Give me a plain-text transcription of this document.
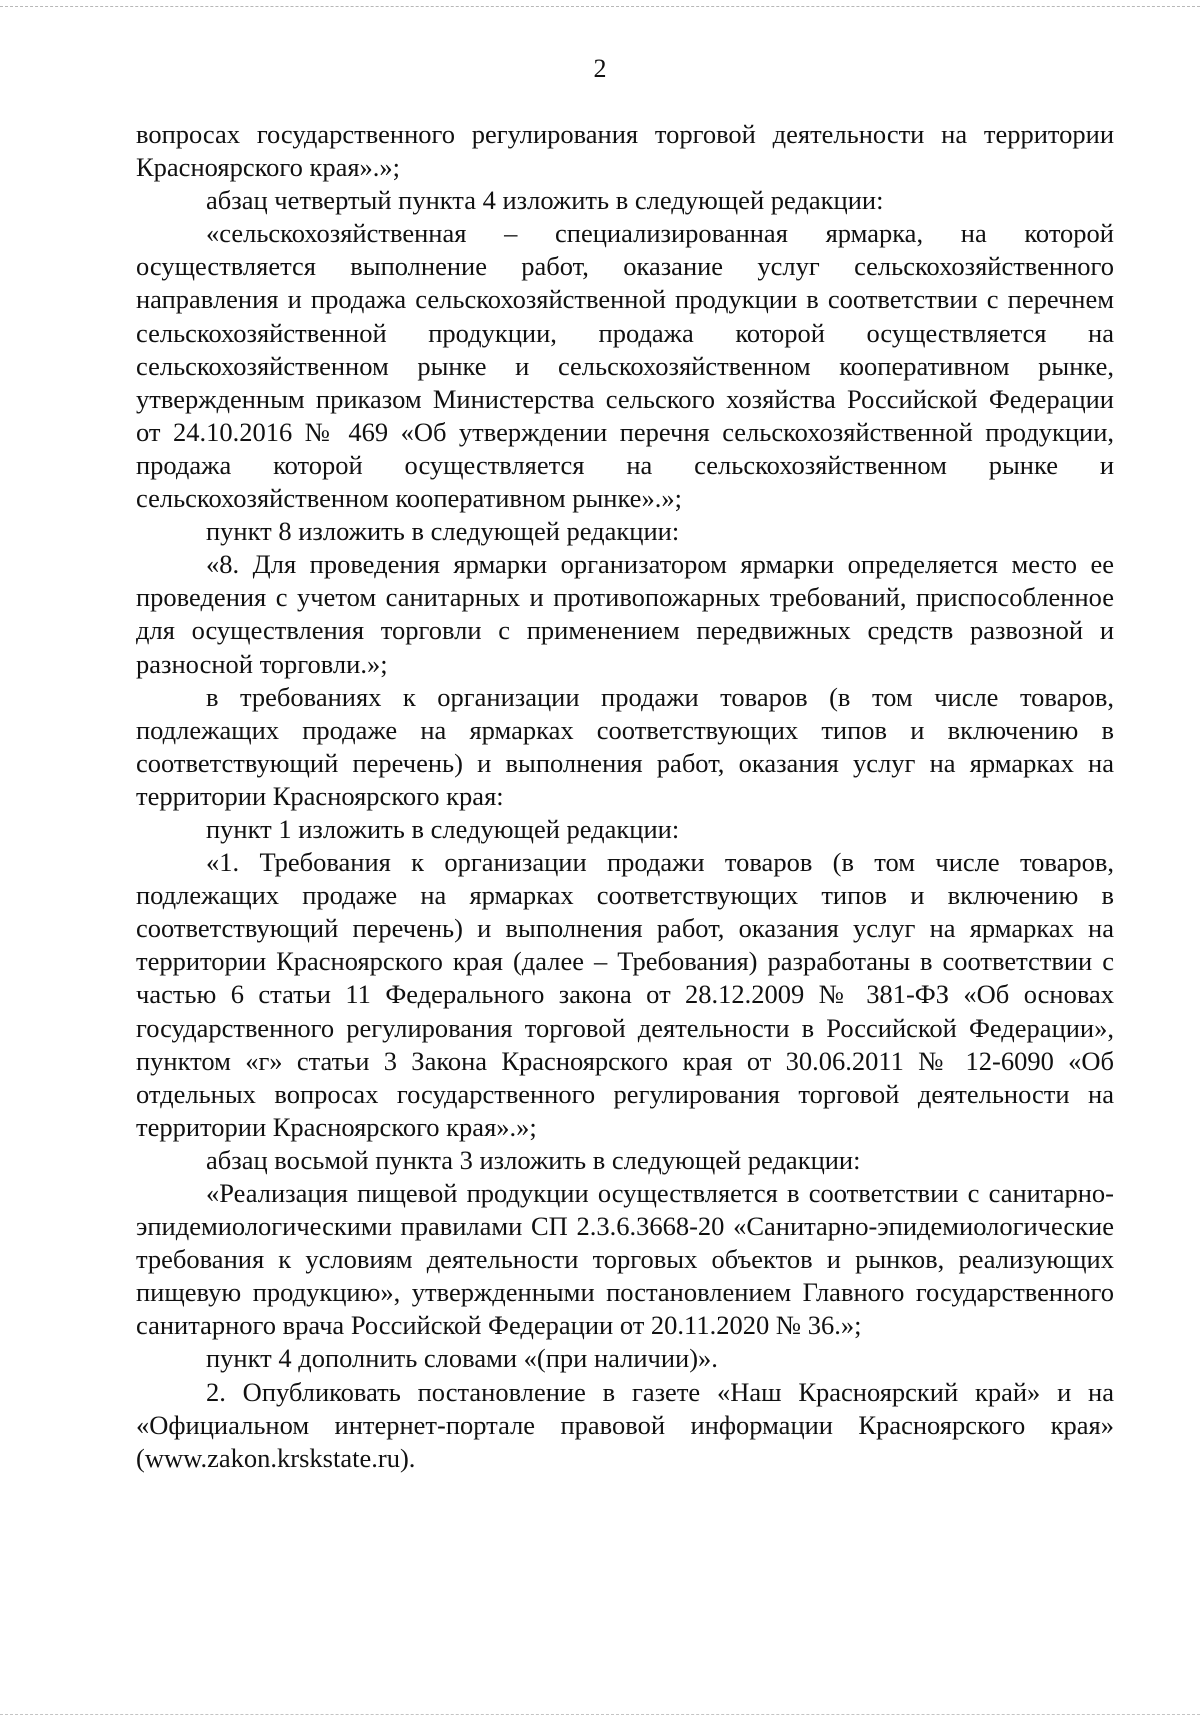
2

вопросах государственного регулирования торговой деятельности на территории Красноярского края».»;

абзац четвертый пункта 4 изложить в следующей редакции:

«сельскохозяйственная – специализированная ярмарка, на которой осуществляется выполнение работ, оказание услуг сельскохозяйственного направления и продажа сельскохозяйственной продукции в соответствии с перечнем сельскохозяйственной продукции, продажа которой осуществляется на сельскохозяйственном рынке и сельскохозяйственном кооперативном рынке, утвержденным приказом Министерства сельского хозяйства Российской Федерации от 24.10.2016 № 469 «Об утверждении перечня сельскохозяйственной продукции, продажа которой осуществляется на сельскохозяйственном рынке и сельскохозяйственном кооперативном рынке».»;

пункт 8 изложить в следующей редакции:

«8. Для проведения ярмарки организатором ярмарки определяется место ее проведения с учетом санитарных и противопожарных требований, приспособленное для осуществления торговли с применением передвижных средств развозной и разносной торговли.»;

в требованиях к организации продажи товаров (в том числе товаров, подлежащих продаже на ярмарках соответствующих типов и включению в соответствующий перечень) и выполнения работ, оказания услуг на ярмарках на территории Красноярского края:

пункт 1 изложить в следующей редакции:

«1. Требования к организации продажи товаров (в том числе товаров, подлежащих продаже на ярмарках соответствующих типов и включению в соответствующий перечень) и выполнения работ, оказания услуг на ярмарках на территории Красноярского края (далее – Требования) разработаны в соответствии с частью 6 статьи 11 Федерального закона от 28.12.2009 № 381-ФЗ «Об основах государственного регулирования торговой деятельности в Российской Федерации», пунктом «г» статьи 3 Закона Красноярского края от 30.06.2011 № 12-6090 «Об отдельных вопросах государственного регулирования торговой деятельности на территории Красноярского края».»;

абзац восьмой пункта 3 изложить в следующей редакции:

«Реализация пищевой продукции осуществляется в соответствии с санитарно-эпидемиологическими правилами СП 2.3.6.3668-20 «Санитарно-эпидемиологические требования к условиям деятельности торговых объектов и рынков, реализующих пищевую продукцию», утвержденными постановлением Главного государственного санитарного врача Российской Федерации от 20.11.2020 № 36.»;

пункт 4 дополнить словами «(при наличии)».

2. Опубликовать постановление в газете «Наш Красноярский край» и на «Официальном интернет-портале правовой информации Красноярского края» (www.zakon.krskstate.ru).
